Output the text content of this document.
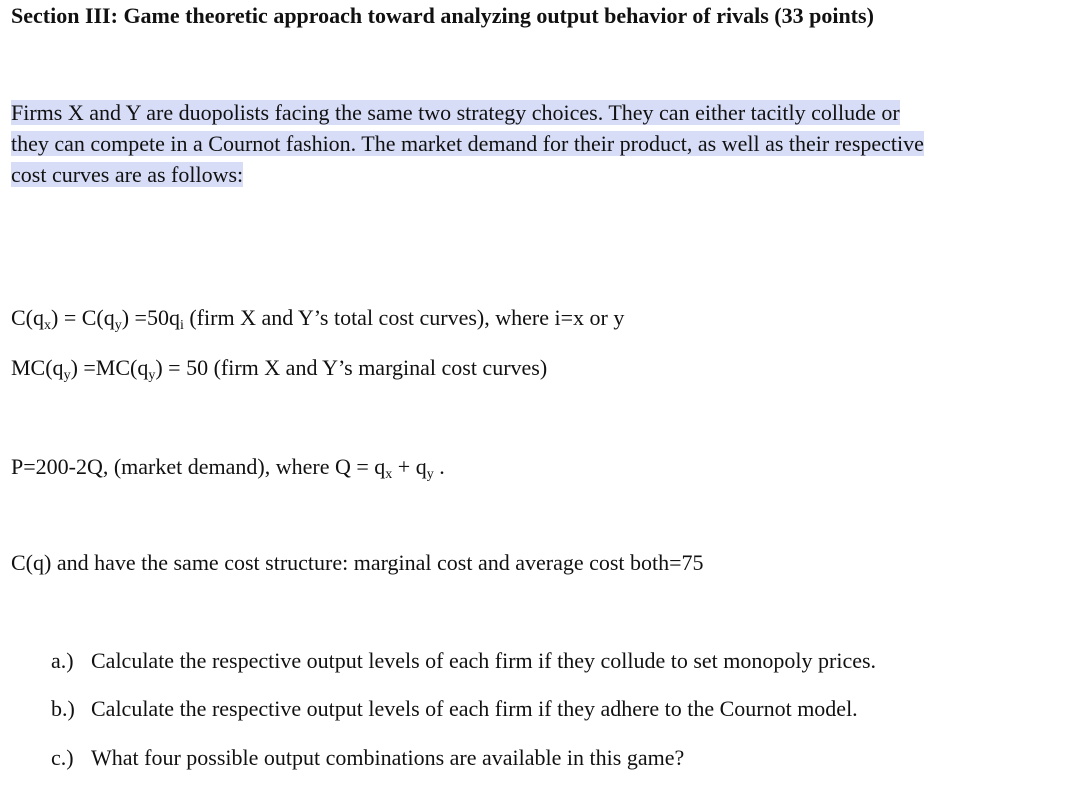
Section III: Game theoretic approach toward analyzing output behavior of rivals (33 points)
Firms X and Y are duopolists facing the same two strategy choices. They can either tacitly collude or
they can compete in a Cournot fashion. The market demand for their product, as well as their respective
cost curves are as follows:
$C(q_x) = C(q_y) =50q_i$ (firm X and Y’s total cost curves), where i=x or y
$MC(q_y) =MC(q_y) = 50$ (firm X and Y’s marginal cost curves)
P=200-2Q, (market demand), where $Q = q_x + q_y$ .
C(q) and have the same cost structure: marginal cost and average cost both=75
a.) Calculate the respective output levels of each firm if they collude to set monopoly prices.
b.) Calculate the respective output levels of each firm if they adhere to the Cournot model.
c.) What four possible output combinations are available in this game?
